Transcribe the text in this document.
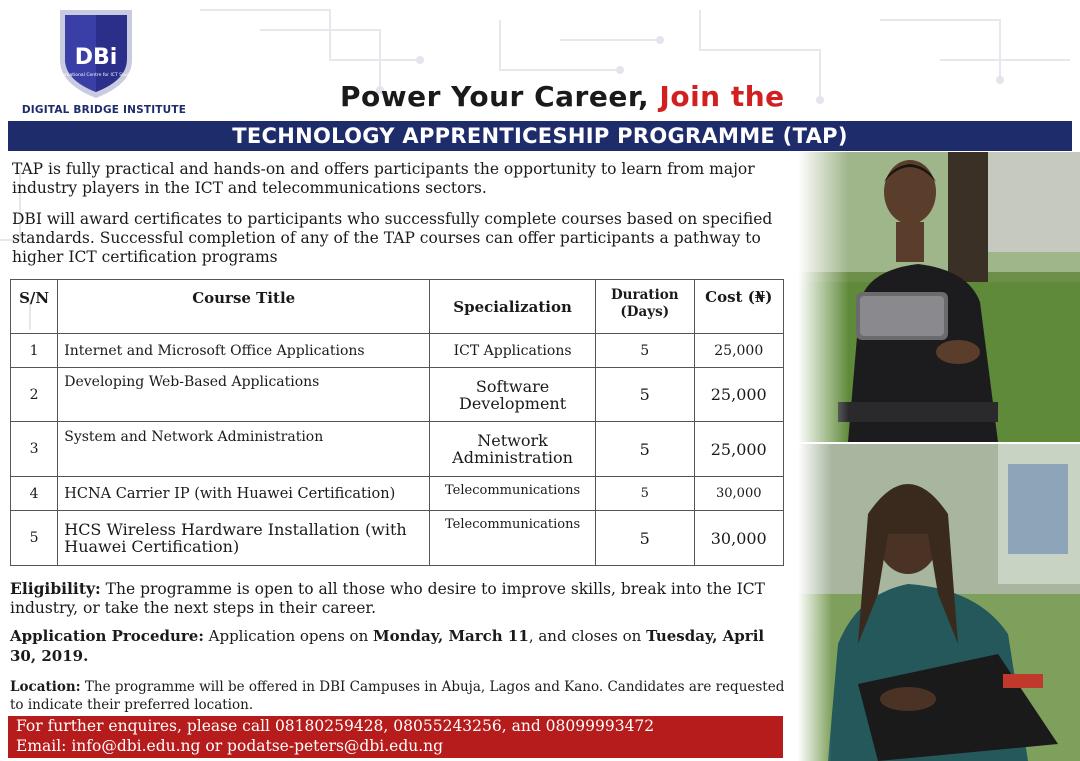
DBi
International Centre for ICT Studies
DIGITAL BRIDGE INSTITUTE	Power Your Career, Join the
TECHNOLOGY APPRENTICESHIP PROGRAMME (TAP)

TAP is fully practical and hands-on and offers participants the opportunity to learn from major industry players in the ICT and telecommunications sectors.

DBI will award certificates to participants who successfully complete courses based on specified standards. Successful completion of any of the TAP courses can offer participants a pathway to higher ICT certification programs

S/N	Course Title	Specialization	Duration (Days)	Cost (₦)
1	Internet and Microsoft Office Applications	ICT Applications	5	25,000
2	Developing Web-Based Applications	Software Development	5	25,000
3	System and Network Administration	Network Administration	5	25,000
4	HCNA Carrier IP (with Huawei Certification)	Telecommunications	5	30,000
5	HCS Wireless Hardware Installation (with Huawei Certification)	Telecommunications	5	30,000

Eligibility: The programme is open to all those who desire to improve skills, break into the ICT industry, or take the next steps in their career.

Application Procedure: Application opens on Monday, March 11, and closes on Tuesday, April 30, 2019.

Location: The programme will be offered in DBI Campuses in Abuja, Lagos and Kano. Candidates are requested to indicate their preferred location.

For further enquires, please call 08180259428, 08055243256, and 08099993472
Email: info@dbi.edu.ng or podatse-peters@dbi.edu.ng
